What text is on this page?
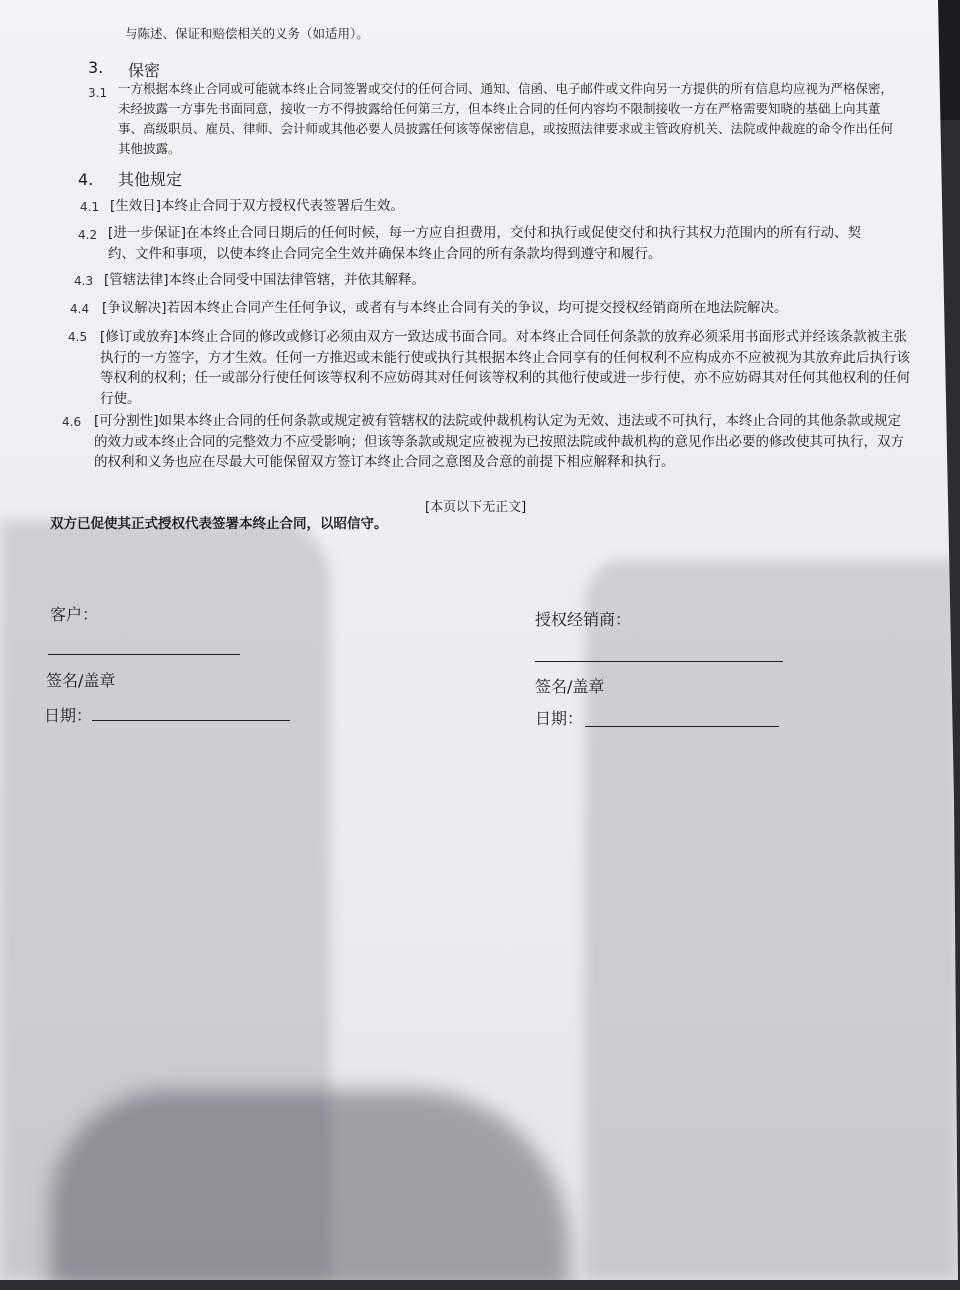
与陈述、保证和赔偿相关的义务（如适用）。
3. 保密
3.1 一方根据本终止合同或可能就本终止合同签署或交付的任何合同、通知、信函、电子邮件或文件向另一方提供的所有信息均应视为严格保密，未经披露一方事先书面同意，接收一方不得披露给任何第三方，但本终止合同的任何内容均不限制接收一方在严格需要知晓的基础上向其董事、高级职员、雇员、律师、会计师或其他必要人员披露任何该等保密信息，或按照法律要求或主管政府机关、法院或仲裁庭的命令作出任何其他披露。
4. 其他规定
4.1 [生效日]本终止合同于双方授权代表签署后生效。
4.2 [进一步保证]在本终止合同日期后的任何时候，每一方应自担费用，交付和执行或促使交付和执行其权力范围内的所有行动、契约、文件和事项，以使本终止合同完全生效并确保本终止合同的所有条款均得到遵守和履行。
4.3 [管辖法律]本终止合同受中国法律管辖，并依其解释。
4.4 [争议解决]若因本终止合同产生任何争议，或者有与本终止合同有关的争议，均可提交授权经销商所在地法院解决。
4.5 [修订或放弃]本终止合同的修改或修订必须由双方一致达成书面合同。对本终止合同任何条款的放弃必须采用书面形式并经该条款被主张执行的一方签字，方才生效。任何一方推迟或未能行使或执行其根据本终止合同享有的任何权利不应构成亦不应被视为其放弃此后执行该等权利的权利；任一或部分行使任何该等权利不应妨碍其对任何该等权利的其他行使或进一步行使，亦不应妨碍其对任何其他权利的任何行使。
4.6 [可分割性]如果本终止合同的任何条款或规定被有管辖权的法院或仲裁机构认定为无效、违法或不可执行，本终止合同的其他条款或规定的效力或本终止合同的完整效力不应受影响；但该等条款或规定应被视为已按照法院或仲裁机构的意见作出必要的修改使其可执行，双方的权利和义务也应在尽最大可能保留双方签订本终止合同之意图及合意的前提下相应解释和执行。
[本页以下无正文]
双方已促使其正式授权代表签署本终止合同，以昭信守。
客户：
签名/盖章
日期：
授权经销商：
签名/盖章
日期：
